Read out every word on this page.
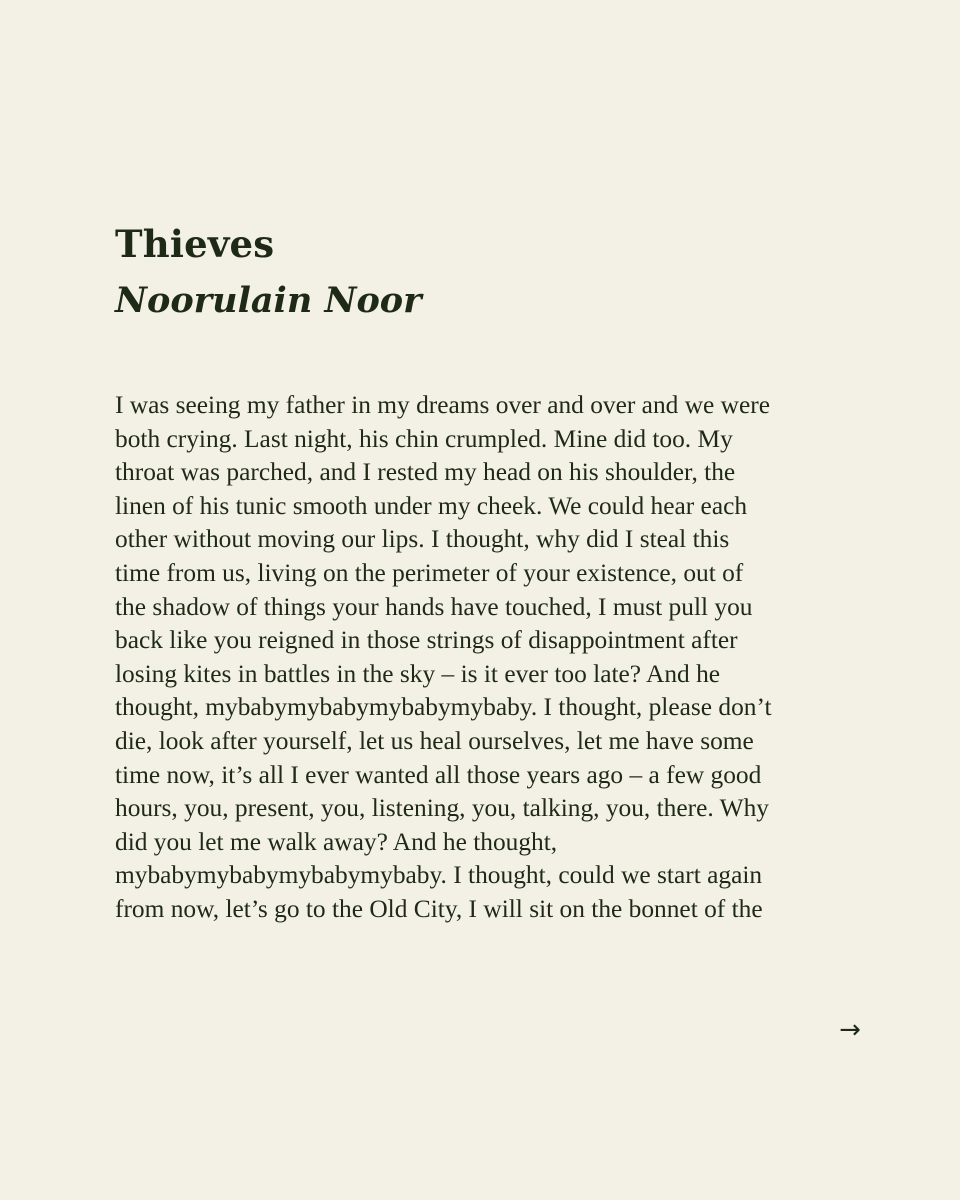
Thieves
Noorulain Noor

I was seeing my father in my dreams over and over and we were
both crying. Last night, his chin crumpled. Mine did too. My
throat was parched, and I rested my head on his shoulder, the
linen of his tunic smooth under my cheek. We could hear each
other without moving our lips. I thought, why did I steal this
time from us, living on the perimeter of your existence, out of
the shadow of things your hands have touched, I must pull you
back like you reigned in those strings of disappointment after
losing kites in battles in the sky – is it ever too late? And he
thought, mybabymybabymybabymybaby. I thought, please don’t
die, look after yourself, let us heal ourselves, let me have some
time now, it’s all I ever wanted all those years ago – a few good
hours, you, present, you, listening, you, talking, you, there. Why
did you let me walk away? And he thought,
mybabymybabymybabymybaby. I thought, could we start again
from now, let’s go to the Old City, I will sit on the bonnet of the

→
